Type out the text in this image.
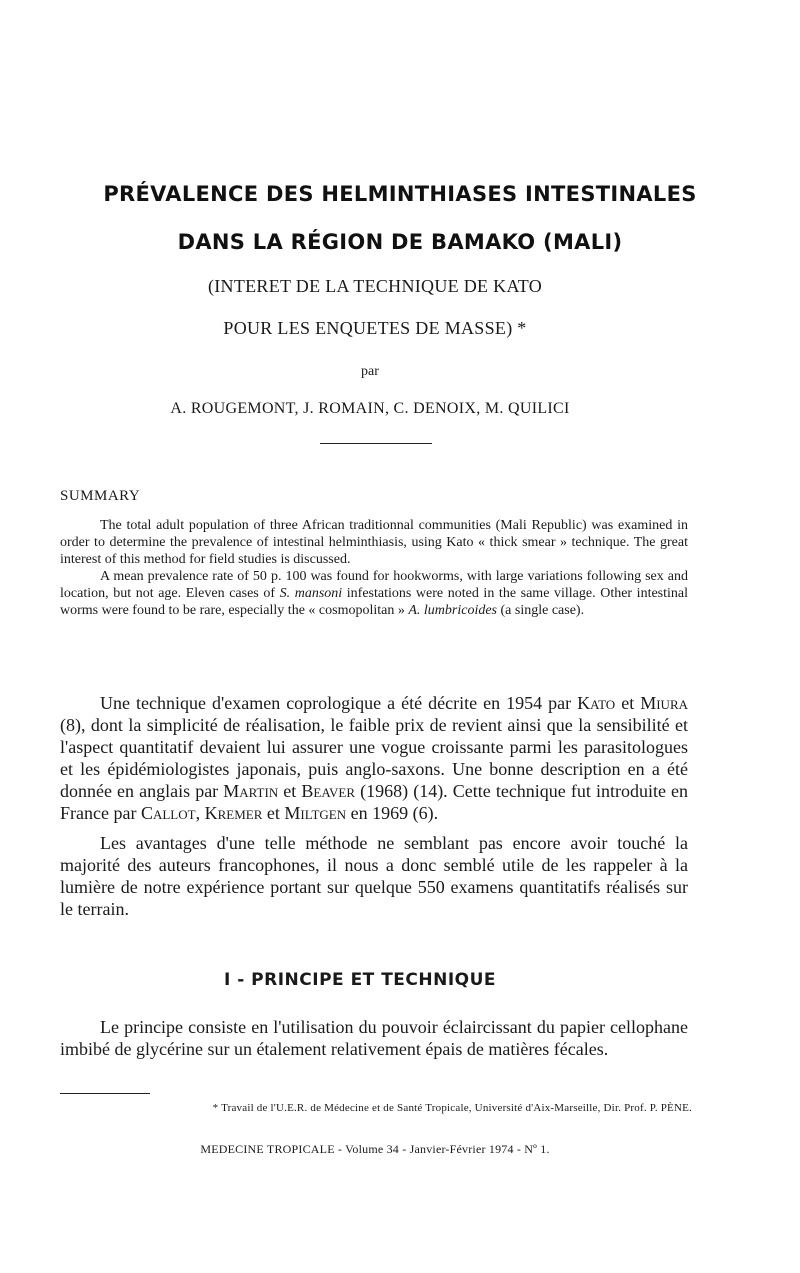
PRÉVALENCE DES HELMINTHIASES INTESTINALES
DANS LA RÉGION DE BAMAKO (MALI)
(INTERET DE LA TECHNIQUE DE KATO
POUR LES ENQUETES DE MASSE) *
par
A. ROUGEMONT, J. ROMAIN, C. DENOIX, M. QUILICI
SUMMARY

The total adult population of three African traditionnal communities (Mali Republic) was examined in order to determine the prevalence of intestinal helminthiasis, using Kato « thick smear » technique. The great interest of this method for field studies is discussed.

A mean prevalence rate of 50 p. 100 was found for hookworms, with large variations following sex and location, but not age. Eleven cases of S. mansoni infestations were noted in the same village. Other intestinal worms were found to be rare, especially the « cosmopolitan » A. lumbricoides (a single case).

Une technique d'examen coprologique a été décrite en 1954 par Kato et Miura (8), dont la simplicité de réalisation, le faible prix de revient ainsi que la sensibilité et l'aspect quantitatif devaient lui assurer une vogue croissante parmi les parasitologues et les épidémiologistes japonais, puis anglo-saxons. Une bonne description en a été donnée en anglais par Martin et Beaver (1968) (14). Cette technique fut introduite en France par Callot, Kremer et Miltgen en 1969 (6).

Les avantages d'une telle méthode ne semblant pas encore avoir touché la majorité des auteurs francophones, il nous a donc semblé utile de les rappeler à la lumière de notre expérience portant sur quelque 550 examens quantitatifs réalisés sur le terrain.

I - PRINCIPE ET TECHNIQUE

Le principe consiste en l'utilisation du pouvoir éclaircissant du papier cellophane imbibé de glycérine sur un étalement relativement épais de matières fécales.

* Travail de l'U.E.R. de Médecine et de Santé Tropicale, Université d'Aix-Marseille, Dir. Prof. P. PÈNE.
MEDECINE TROPICALE - Volume 34 - Janvier-Février 1974 - Nº 1.
